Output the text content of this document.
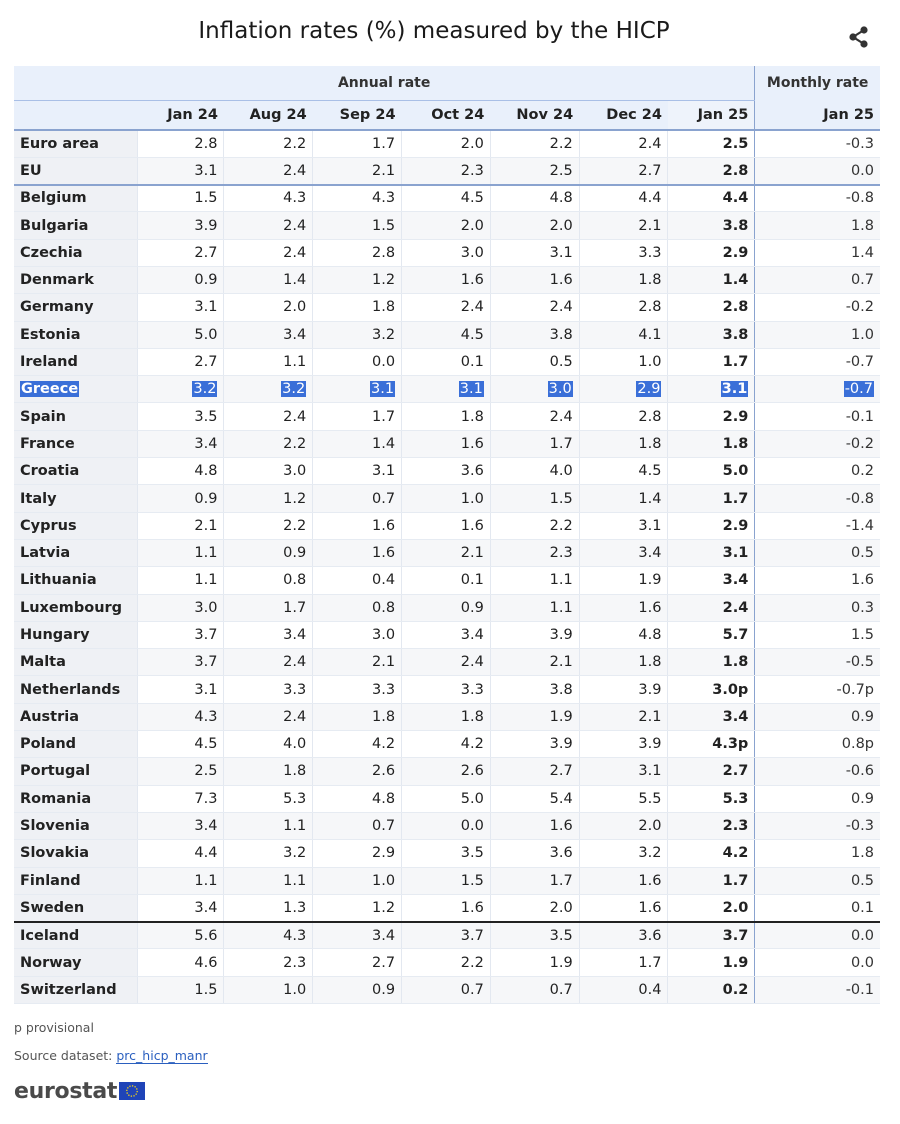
Inflation rates (%) measured by the HICP
Annual rate								Monthly rate
	Jan 24	Aug 24	Sep 24	Oct 24	Nov 24	Dec 24	Jan 25	Jan 25
Euro area	2.8	2.2	1.7	2.0	2.2	2.4	2.5	-0.3
EU	3.1	2.4	2.1	2.3	2.5	2.7	2.8	0.0
Belgium	1.5	4.3	4.3	4.5	4.8	4.4	4.4	-0.8
Bulgaria	3.9	2.4	1.5	2.0	2.0	2.1	3.8	1.8
Czechia	2.7	2.4	2.8	3.0	3.1	3.3	2.9	1.4
Denmark	0.9	1.4	1.2	1.6	1.6	1.8	1.4	0.7
Germany	3.1	2.0	1.8	2.4	2.4	2.8	2.8	-0.2
Estonia	5.0	3.4	3.2	4.5	3.8	4.1	3.8	1.0
Ireland	2.7	1.1	0.0	0.1	0.5	1.0	1.7	-0.7
Greece	3.2	3.2	3.1	3.1	3.0	2.9	3.1	-0.7
Spain	3.5	2.4	1.7	1.8	2.4	2.8	2.9	-0.1
France	3.4	2.2	1.4	1.6	1.7	1.8	1.8	-0.2
Croatia	4.8	3.0	3.1	3.6	4.0	4.5	5.0	0.2
Italy	0.9	1.2	0.7	1.0	1.5	1.4	1.7	-0.8
Cyprus	2.1	2.2	1.6	1.6	2.2	3.1	2.9	-1.4
Latvia	1.1	0.9	1.6	2.1	2.3	3.4	3.1	0.5
Lithuania	1.1	0.8	0.4	0.1	1.1	1.9	3.4	1.6
Luxembourg	3.0	1.7	0.8	0.9	1.1	1.6	2.4	0.3
Hungary	3.7	3.4	3.0	3.4	3.9	4.8	5.7	1.5
Malta	3.7	2.4	2.1	2.4	2.1	1.8	1.8	-0.5
Netherlands	3.1	3.3	3.3	3.3	3.8	3.9	3.0p	-0.7p
Austria	4.3	2.4	1.8	1.8	1.9	2.1	3.4	0.9
Poland	4.5	4.0	4.2	4.2	3.9	3.9	4.3p	0.8p
Portugal	2.5	1.8	2.6	2.6	2.7	3.1	2.7	-0.6
Romania	7.3	5.3	4.8	5.0	5.4	5.5	5.3	0.9
Slovenia	3.4	1.1	0.7	0.0	1.6	2.0	2.3	-0.3
Slovakia	4.4	3.2	2.9	3.5	3.6	3.2	4.2	1.8
Finland	1.1	1.1	1.0	1.5	1.7	1.6	1.7	0.5
Sweden	3.4	1.3	1.2	1.6	2.0	1.6	2.0	0.1
Iceland	5.6	4.3	3.4	3.7	3.5	3.6	3.7	0.0
Norway	4.6	2.3	2.7	2.2	1.9	1.7	1.9	0.0
Switzerland	1.5	1.0	0.9	0.7	0.7	0.4	0.2	-0.1
p provisional
Source dataset: prc_hicp_manr
eurostat
